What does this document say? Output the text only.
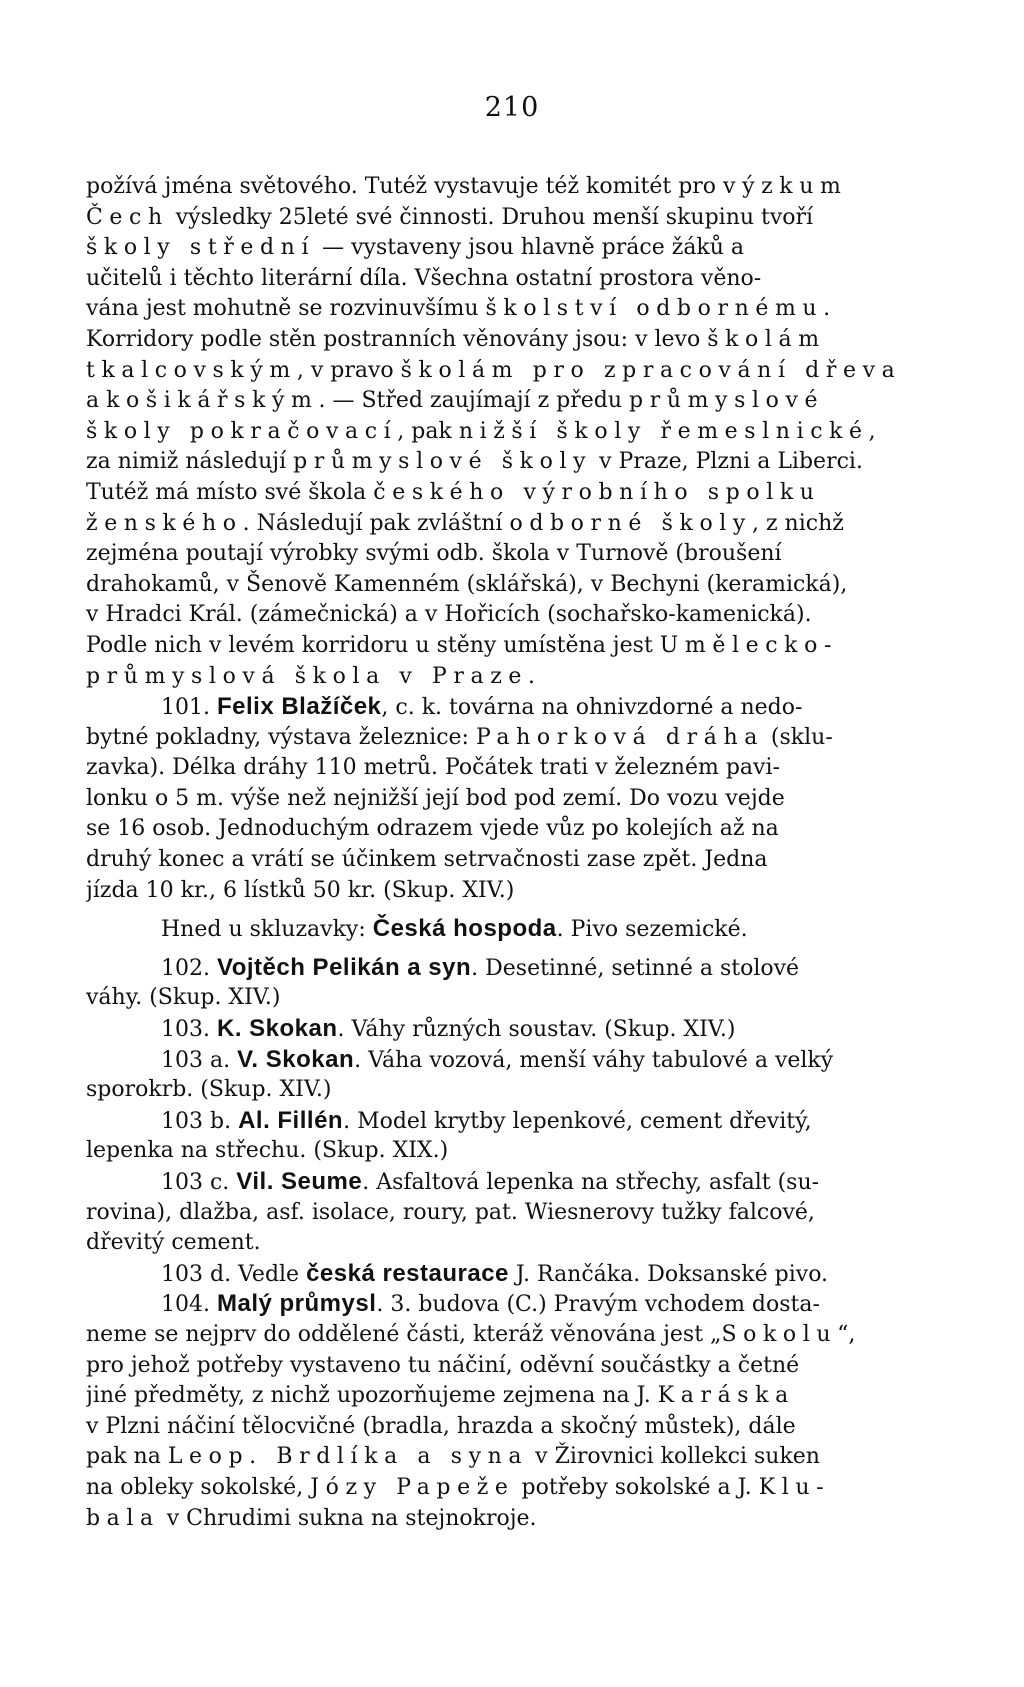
210
požívá jména světového. Tutéž vystavuje též komitét pro výzkum
Čech výsledky 25leté své činnosti. Druhou menší skupinu tvoří
školy střední — vystaveny jsou hlavně práce žáků a
učitelů i těchto literární díla. Všechna ostatní prostora věno-
vána jest mohutně se rozvinuvšímu školství odbornému.
Korridory podle stěn postranních věnovány jsou: v levo školám
tkalcovským, v pravo školám pro zpracování dřeva
a košikářským. — Střed zaujímají z předu průmyslové
školy pokračovací, pak nižší školy řemeslnické,
za nimiž následují průmyslové školy v Praze, Plzni a Liberci.
Tutéž má místo své škola českého výrobního spolku
ženského. Následují pak zvláštní odborné školy, z nichž
zejména poutají výrobky svými odb. škola v Turnově (broušení
drahokamů, v Šenově Kamenném (sklářská), v Bechyni (keramická),
v Hradci Král. (zámečnická) a v Hořicích (sochařsko-kamenická).
Podle nich v levém korridoru u stěny umístěna jest Umělecko-
průmyslová škola v Praze.
101. Felix Blažíček, c. k. továrna na ohnivzdorné a nedo-
bytné pokladny, výstava železnice: Pahorková dráha (sklu-
zavka). Délka dráhy 110 metrů. Počátek trati v železném pavi-
lonku o 5 m. výše než nejnižší její bod pod zemí. Do vozu vejde
se 16 osob. Jednoduchým odrazem vjede vůz po kolejích až na
druhý konec a vrátí se účinkem setrvačnosti zase zpět. Jedna
jízda 10 kr., 6 lístků 50 kr. (Skup. XIV.)
Hned u skluzavky: Česká hospoda. Pivo sezemické.
102. Vojtěch Pelikán a syn. Desetinné, setinné a stolové
váhy. (Skup. XIV.)
103. K. Skokan. Váhy různých soustav. (Skup. XIV.)
103 a. V. Skokan. Váha vozová, menší váhy tabulové a velký
sporokrb. (Skup. XIV.)
103 b. Al. Fillén. Model krytby lepenkové, cement dřevitý,
lepenka na střechu. (Skup. XIX.)
103 c. Vil. Seume. Asfaltová lepenka na střechy, asfalt (su-
rovina), dlažba, asf. isolace, roury, pat. Wiesnerovy tužky falcové,
dřevitý cement.
103 d. Vedle česká restaurace J. Rančáka. Doksanské pivo.
104. Malý průmysl. 3. budova (C.) Pravým vchodem dosta-
neme se nejprv do oddělené části, kteráž věnována jest „Sokolu“,
pro jehož potřeby vystaveno tu náčiní, oděvní součástky a četné
jiné předměty, z nichž upozorňujeme zejmena na J. Karáska
v Plzni náčiní tělocvičné (bradla, hrazda a skočný můstek), dále
pak na Leop. Brdlíka a syna v Žirovnici kollekci suken
na obleky sokolské, Józy Papeže potřeby sokolské a J. Klu-
bala v Chrudimi sukna na stejnokroje.
